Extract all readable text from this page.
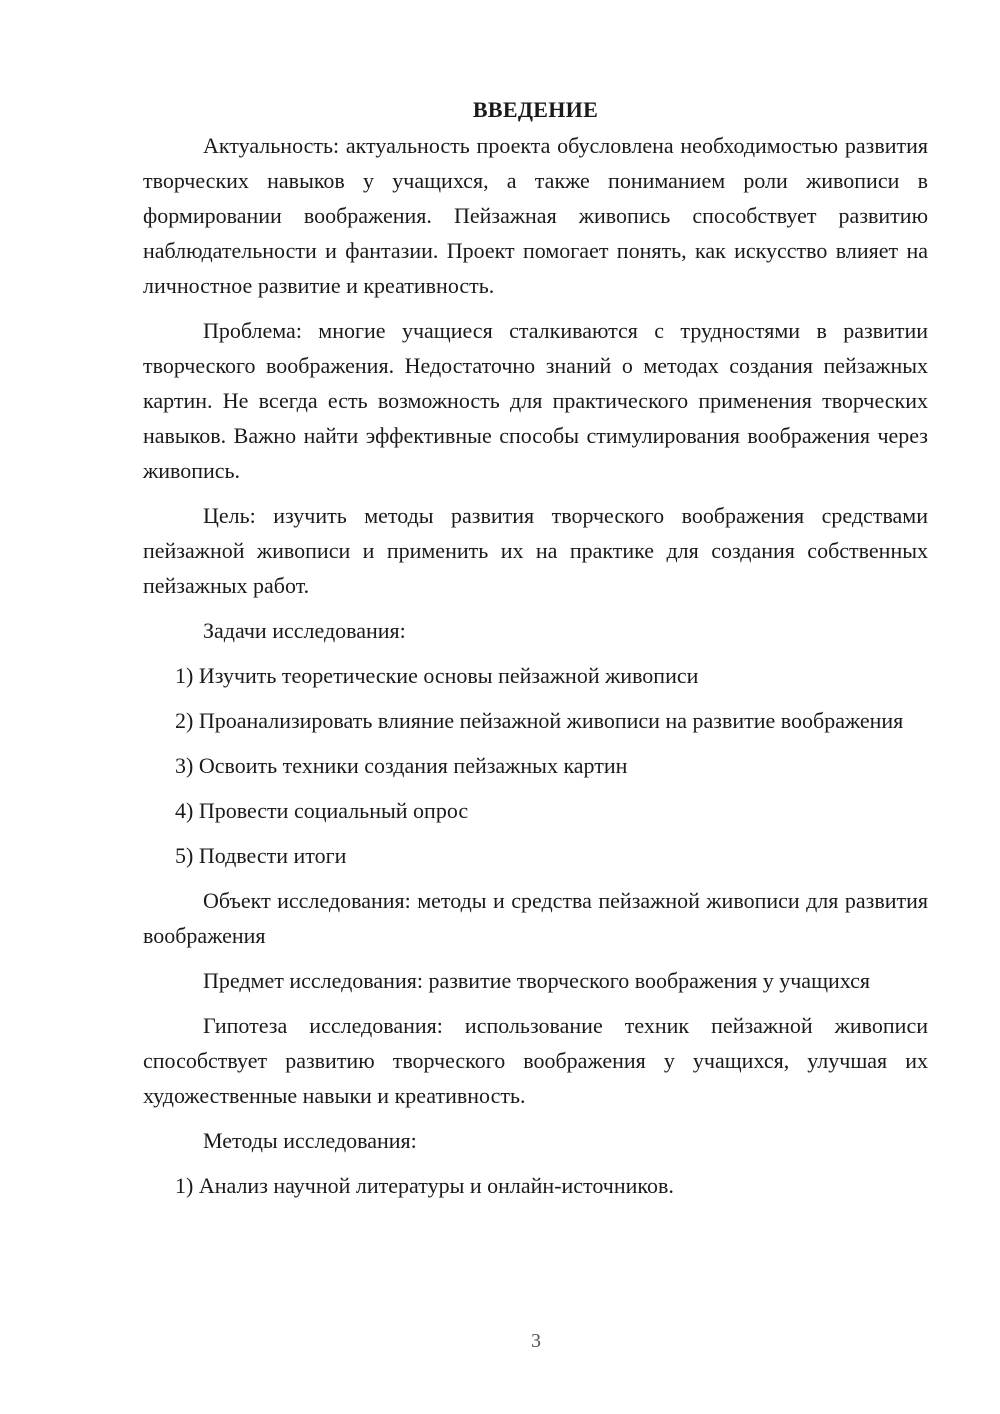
ВВЕДЕНИЕ

Актуальность: актуальность проекта обусловлена необходимостью развития творческих навыков у учащихся, а также пониманием роли живописи в формировании воображения. Пейзажная живопись способствует развитию наблюдательности и фантазии. Проект помогает понять, как искусство влияет на личностное развитие и креативность.

Проблема: многие учащиеся сталкиваются с трудностями в развитии творческого воображения. Недостаточно знаний о методах создания пейзажных картин. Не всегда есть возможность для практического применения творческих навыков. Важно найти эффективные способы стимулирования воображения через живопись.

Цель: изучить методы развития творческого воображения средствами пейзажной живописи и применить их на практике для создания собственных пейзажных работ.

Задачи исследования:

1) Изучить теоретические основы пейзажной живописи

2) Проанализировать влияние пейзажной живописи на развитие воображения

3) Освоить техники создания пейзажных картин

4) Провести социальный опрос

5) Подвести итоги

Объект исследования: методы и средства пейзажной живописи для развития воображения

Предмет исследования: развитие творческого воображения у учащихся

Гипотеза исследования: использование техник пейзажной живописи способствует развитию творческого воображения у учащихся, улучшая их художественные навыки и креативность.

Методы исследования:

1) Анализ научной литературы и онлайн-источников.

3
